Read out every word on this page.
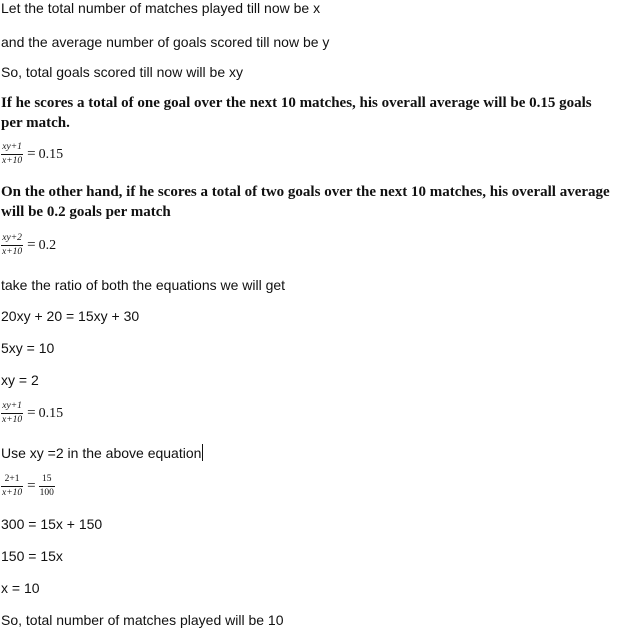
Let the total number of matches played till now be x
and the average number of goals scored till now be y
So, total goals scored till now will be xy
If he scores a total of one goal over the next 10 matches, his overall average will be 0.15 goals
per match.
$\frac{xy+1}{x+10} = 0.15$
On the other hand, if he scores a total of two goals over the next 10 matches, his overall average
will be 0.2 goals per match
$\frac{xy+2}{x+10} = 0.2$
take the ratio of both the equations we will get
20xy + 20 = 15xy + 30
5xy = 10
xy = 2
$\frac{xy+1}{x+10} = 0.15$
Use xy =2 in the above equation
$\frac{2+1}{x+10} = \frac{15}{100}$
300 = 15x + 150
150 = 15x
x = 10
So, total number of matches played will be 10
